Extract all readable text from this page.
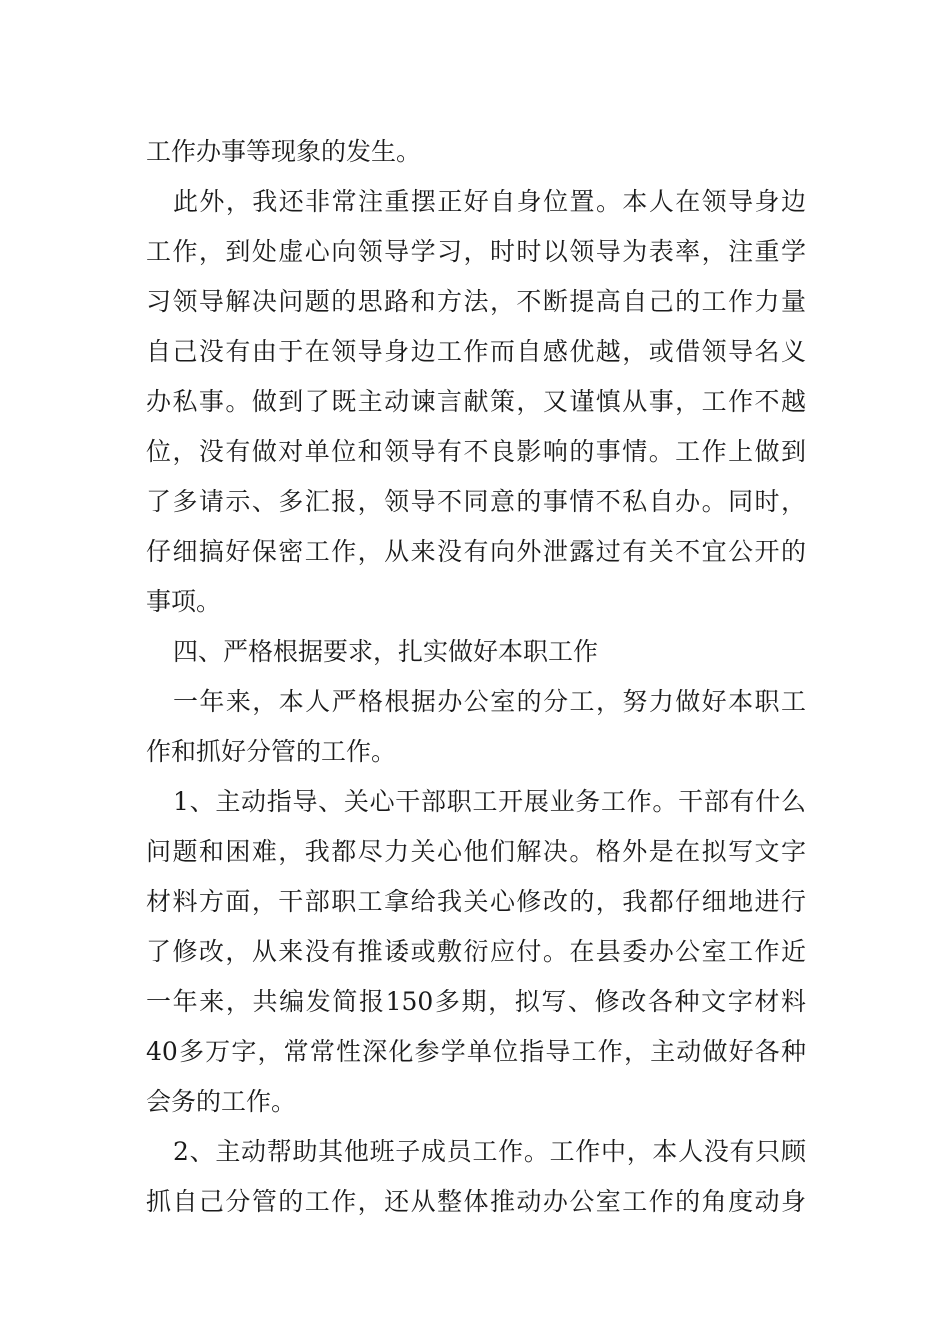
工作办事等现象的发生。
此外，我还非常注重摆正好自身位置。本人在领导身边
工作，到处虚心向领导学习，时时以领导为表率，注重学
习领导解决问题的思路和方法，不断提高自己的工作力量
自己没有由于在领导身边工作而自感优越，或借领导名义
办私事。做到了既主动谏言献策，又谨慎从事，工作不越
位，没有做对单位和领导有不良影响的事情。工作上做到
了多请示、多汇报，领导不同意的事情不私自办。同时，
仔细搞好保密工作，从来没有向外泄露过有关不宜公开的
事项。
四、严格根据要求，扎实做好本职工作
一年来，本人严格根据办公室的分工，努力做好本职工
作和抓好分管的工作。
1、主动指导、关心干部职工开展业务工作。干部有什么
问题和困难，我都尽力关心他们解决。格外是在拟写文字
材料方面，干部职工拿给我关心修改的，我都仔细地进行
了修改，从来没有推诿或敷衍应付。在县委办公室工作近
一年来，共编发简报150多期，拟写、修改各种文字材料
40多万字，常常性深化参学单位指导工作，主动做好各种
会务的工作。
2、主动帮助其他班子成员工作。工作中，本人没有只顾
抓自己分管的工作，还从整体推动办公室工作的角度动身
